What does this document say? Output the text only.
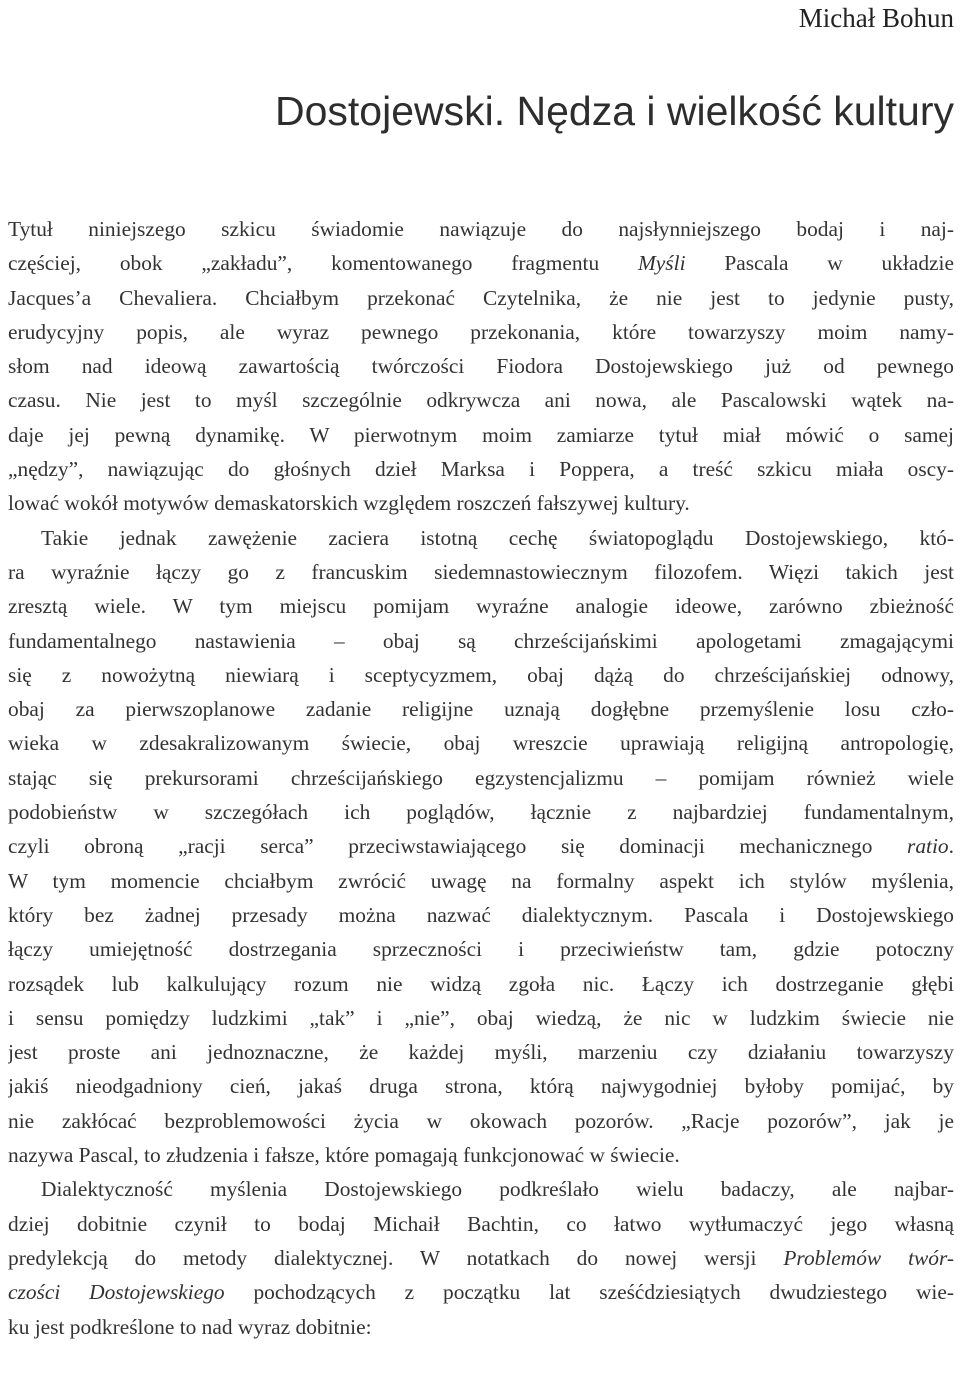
Michał Bohun
Dostojewski. Nędza i wielkość kultury
Tytuł niniejszego szkicu świadomie nawiązuje do najsłynniejszego bodaj i naj-
częściej, obok „zakładu”, komentowanego fragmentu Myśli Pascala w układzie
Jacques’a Chevaliera. Chciałbym przekonać Czytelnika, że nie jest to jedynie pusty,
erudycyjny popis, ale wyraz pewnego przekonania, które towarzyszy moim namy-
słom nad ideową zawartością twórczości Fiodora Dostojewskiego już od pewnego
czasu. Nie jest to myśl szczególnie odkrywcza ani nowa, ale Pascalowski wątek na-
daje jej pewną dynamikę. W pierwotnym moim zamiarze tytuł miał mówić o samej
„nędzy”, nawiązując do głośnych dzieł Marksa i Poppera, a treść szkicu miała oscy-
lować wokół motywów demaskatorskich względem roszczeń fałszywej kultury.
Takie jednak zawężenie zaciera istotną cechę światopoglądu Dostojewskiego, któ-
ra wyraźnie łączy go z francuskim siedemnastowiecznym filozofem. Więzi takich jest
zresztą wiele. W tym miejscu pomijam wyraźne analogie ideowe, zarówno zbieżność
fundamentalnego nastawienia – obaj są chrześcijańskimi apologetami zmagającymi
się z nowożytną niewiarą i sceptycyzmem, obaj dążą do chrześcijańskiej odnowy,
obaj za pierwszoplanowe zadanie religijne uznają dogłębne przemyślenie losu czło-
wieka w zdesakralizowanym świecie, obaj wreszcie uprawiają religijną antropologię,
stając się prekursorami chrześcijańskiego egzystencjalizmu – pomijam również wiele
podobieństw w szczegółach ich poglądów, łącznie z najbardziej fundamentalnym,
czyli obroną „racji serca” przeciwstawiającego się dominacji mechanicznego ratio.
W tym momencie chciałbym zwrócić uwagę na formalny aspekt ich stylów myślenia,
który bez żadnej przesady można nazwać dialektycznym. Pascala i Dostojewskiego
łączy umiejętność dostrzegania sprzeczności i przeciwieństw tam, gdzie potoczny
rozsądek lub kalkulujący rozum nie widzą zgoła nic. Łączy ich dostrzeganie głębi
i sensu pomiędzy ludzkimi „tak” i „nie”, obaj wiedzą, że nic w ludzkim świecie nie
jest proste ani jednoznaczne, że każdej myśli, marzeniu czy działaniu towarzyszy
jakiś nieodgadniony cień, jakaś druga strona, którą najwygodniej byłoby pomijać, by
nie zakłócać bezproblemowości życia w okowach pozorów. „Racje pozorów”, jak je
nazywa Pascal, to złudzenia i fałsze, które pomagają funkcjonować w świecie.
Dialektyczność myślenia Dostojewskiego podkreślało wielu badaczy, ale najbar-
dziej dobitnie czynił to bodaj Michaił Bachtin, co łatwo wytłumaczyć jego własną
predylekcją do metody dialektycznej. W notatkach do nowej wersji Problemów twór-
czości Dostojewskiego pochodzących z początku lat sześćdziesiątych dwudziestego wie-
ku jest podkreślone to nad wyraz dobitnie:
